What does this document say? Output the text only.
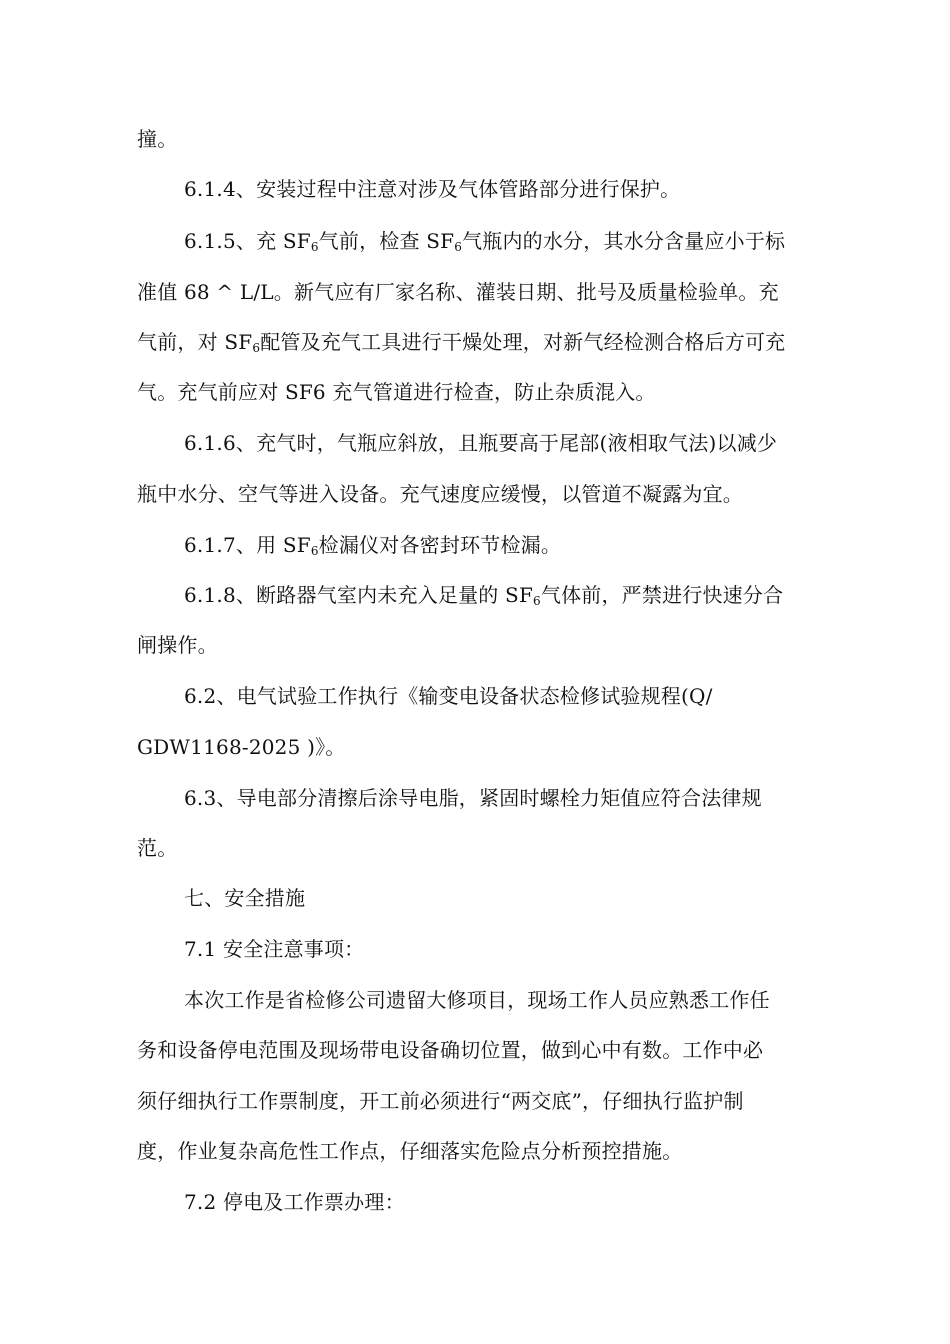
撞。
6.1.4、安装过程中注意对涉及气体管路部分进行保护。
6.1.5、充 $SF_6$气前，检查 $SF_6$气瓶内的水分，其水分含量应小于标
准值 68 ^ L/L。新气应有厂家名称、灌装日期、批号及质量检验单。充
气前，对 $SF_6$配管及充气工具进行干燥处理，对新气经检测合格后方可充
气。充气前应对 SF6 充气管道进行检查，防止杂质混入。
6.1.6、充气时，气瓶应斜放，且瓶要高于尾部(液相取气法)以减少
瓶中水分、空气等进入设备。充气速度应缓慢，以管道不凝露为宜。
6.1.7、用 $SF_6$检漏仪对各密封环节检漏。
6.1.8、断路器气室内未充入足量的 $SF_6$气体前，严禁进行快速分合
闸操作。
6.2、电气试验工作执行《输变电设备状态检修试验规程(Q/
GDW1168-2025 )》。
6.3、导电部分清擦后涂导电脂，紧固时螺栓力矩值应符合法律规
范。
七、安全措施
7.1 安全注意事项：
本次工作是省检修公司遗留大修项目，现场工作人员应熟悉工作任
务和设备停电范围及现场带电设备确切位置，做到心中有数。工作中必
须仔细执行工作票制度，开工前必须进行“两交底”，仔细执行监护制
度，作业复杂高危性工作点，仔细落实危险点分析预控措施。
7.2 停电及工作票办理：
